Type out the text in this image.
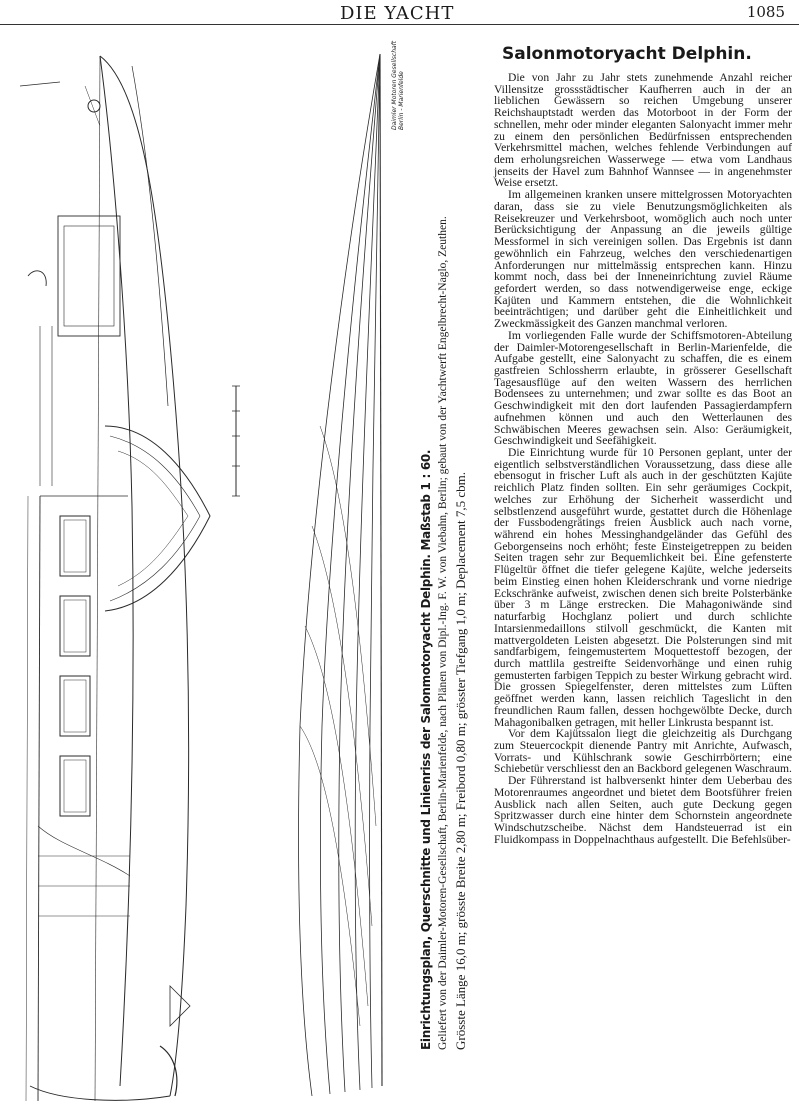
DIE YACHT	1085
Daimler Motoren Gesellschaft Berlin - Marienfelde
Einrichtungsplan, Querschnitte und Linienriss der Salonmotoryacht Delphin. Maßstab 1 : 60. Geliefert von der Daimler-Motoren-Gesellschaft, Berlin-Marienfelde, nach Plänen von Dipl.-Ing. F. W. von Viebahn, Berlin; gebaut von der Yachtwerft Engelbrecht-Naglo, Zeuthen. Grösste Länge 16,0 m; grösste Breite 2,80 m; Freibord 0,80 m; grösster Tiefgang 1,0 m; Deplacement 7,5 cbm.
Salonmotoryacht Delphin.

Die von Jahr zu Jahr stets zunehmende Anzahl reicher Villensitze grossstädtischer Kaufherren auch in der an lieblichen Gewässern so reichen Umgebung unserer Reichshauptstadt werden das Motorboot in der Form der schnellen, mehr oder minder eleganten Salonyacht immer mehr zu einem den persönlichen Bedürfnissen entsprechenden Verkehrsmittel machen, welches fehlende Verbindungen auf dem erholungsreichen Wasserwege — etwa vom Landhaus jenseits der Havel zum Bahnhof Wannsee — in angenehmster Weise ersetzt.

Im allgemeinen kranken unsere mittelgrossen Motoryachten daran, dass sie zu viele Benutzungsmöglichkeiten als Reisekreuzer und Verkehrsboot, womöglich auch noch unter Berücksichtigung der Anpassung an die jeweils gültige Messformel in sich vereinigen sollen. Das Ergebnis ist dann gewöhnlich ein Fahrzeug, welches den verschiedenartigen Anforderungen nur mittelmässig entsprechen kann. Hinzu kommt noch, dass bei der Inneneinrichtung zuviel Räume gefordert werden, so dass notwendigerweise enge, eckige Kajüten und Kammern entstehen, die die Wohnlichkeit beeinträchtigen; und darüber geht die Einheitlichkeit und Zweckmässigkeit des Ganzen manchmal verloren.

Im vorliegenden Falle wurde der Schiffsmotoren-Abteilung der Daimler-Motorengesellschaft in Berlin-Marienfelde, die Aufgabe gestellt, eine Salonyacht zu schaffen, die es einem gastfreien Schlossherrn erlaubte, in grösserer Gesellschaft Tagesausflüge auf den weiten Wassern des herrlichen Bodensees zu unternehmen; und zwar sollte es das Boot an Geschwindigkeit mit den dort laufenden Passagierdampfern aufnehmen können und auch den Wetterlaunen des Schwäbischen Meeres gewachsen sein. Also: Geräumigkeit, Geschwindigkeit und Seefähigkeit.

Die Einrichtung wurde für 10 Personen geplant, unter der eigentlich selbstverständlichen Voraussetzung, dass diese alle ebensogut in frischer Luft als auch in der geschützten Kajüte reichlich Platz finden sollten. Ein sehr geräumiges Cockpit, welches zur Erhöhung der Sicherheit wasserdicht und selbstlenzend ausgeführt wurde, gestattet durch die Höhenlage der Fussbodengrätings freien Ausblick auch nach vorne, während ein hohes Messinghandgeländer das Gefühl des Geborgenseins noch erhöht; feste Einsteigetreppen zu beiden Seiten tragen sehr zur Bequemlichkeit bei. Eine gefensterte Flügeltür öffnet die tiefer gelegene Kajüte, welche jederseits beim Einstieg einen hohen Kleiderschrank und vorne niedrige Eckschränke aufweist, zwischen denen sich breite Polsterbänke über 3 m Länge erstrecken. Die Mahagoniwände sind naturfarbig Hochglanz poliert und durch schlichte Intarsienmedaillons stilvoll geschmückt, die Kanten mit mattvergoldeten Leisten abgesetzt. Die Polsterungen sind mit sandfarbigem, feingemustertem Moquettestoff bezogen, der durch mattlila gestreifte Seidenvorhänge und einen ruhig gemusterten farbigen Teppich zu bester Wirkung gebracht wird. Die grossen Spiegelfenster, deren mittelstes zum Lüften geöffnet werden kann, lassen reichlich Tageslicht in den freundlichen Raum fallen, dessen hochgewölbte Decke, durch Mahagonibalken getragen, mit heller Linkrusta bespannt ist.

Vor dem Kajütssalon liegt die gleichzeitig als Durchgang zum Steuercockpit dienende Pantry mit Anrichte, Aufwasch, Vorrats- und Kühlschrank sowie Geschirrbörtern; eine Schiebetür verschliesst den an Backbord gelegenen Waschraum.

Der Führerstand ist halbversenkt hinter dem Ueberbau des Motorenraumes angeordnet und bietet dem Bootsführer freien Ausblick nach allen Seiten, auch gute Deckung gegen Spritzwasser durch eine hinter dem Schornstein angeordnete Windschutzscheibe. Nächst dem Handsteuerrad ist ein Fluidkompass in Doppelnachthaus aufgestellt. Die Befehlsüber-
